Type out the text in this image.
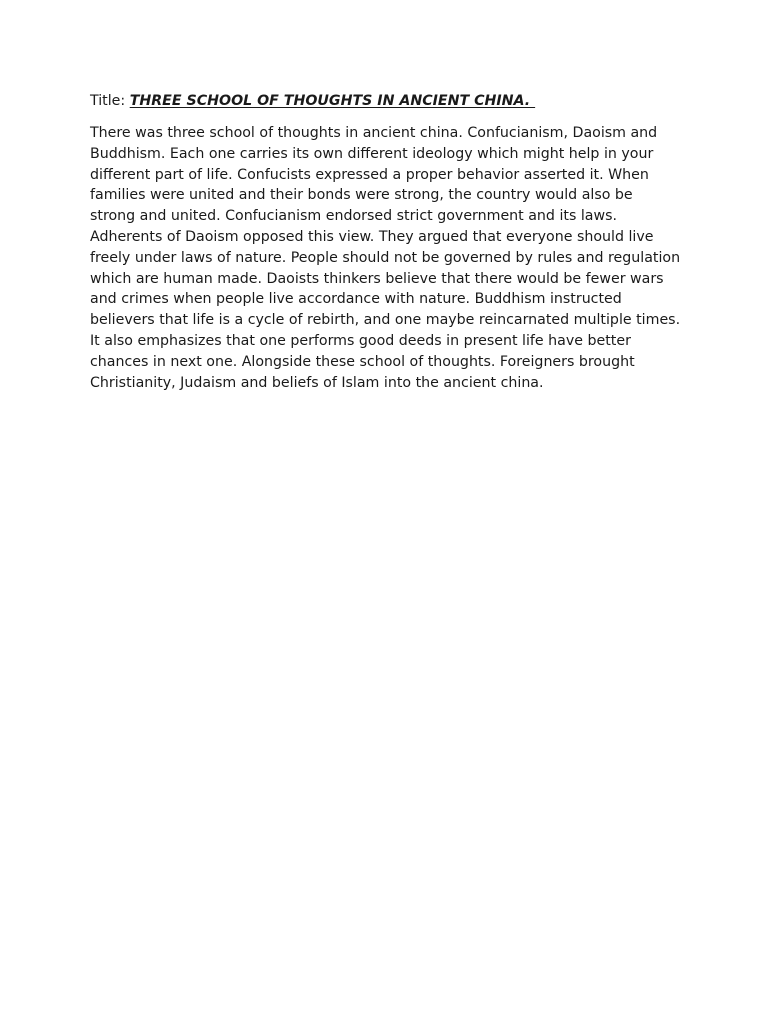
Title: THREE SCHOOL OF THOUGHTS IN ANCIENT CHINA.

There was three school of thoughts in ancient china. Confucianism, Daoism and Buddhism. Each one carries its own different ideology which might help in your different part of life. Confucists expressed a proper behavior asserted it. When families were united and their bonds were strong, the country would also be strong and united. Confucianism endorsed strict government and its laws. Adherents of Daoism opposed this view. They argued that everyone should live freely under laws of nature. People should not be governed by rules and regulation which are human made. Daoists thinkers believe that there would be fewer wars and crimes when people live accordance with nature. Buddhism instructed believers that life is a cycle of rebirth, and one maybe reincarnated multiple times. It also emphasizes that one performs good deeds in present life have better chances in next one. Alongside these school of thoughts. Foreigners brought Christianity, Judaism and beliefs of Islam into the ancient china.
